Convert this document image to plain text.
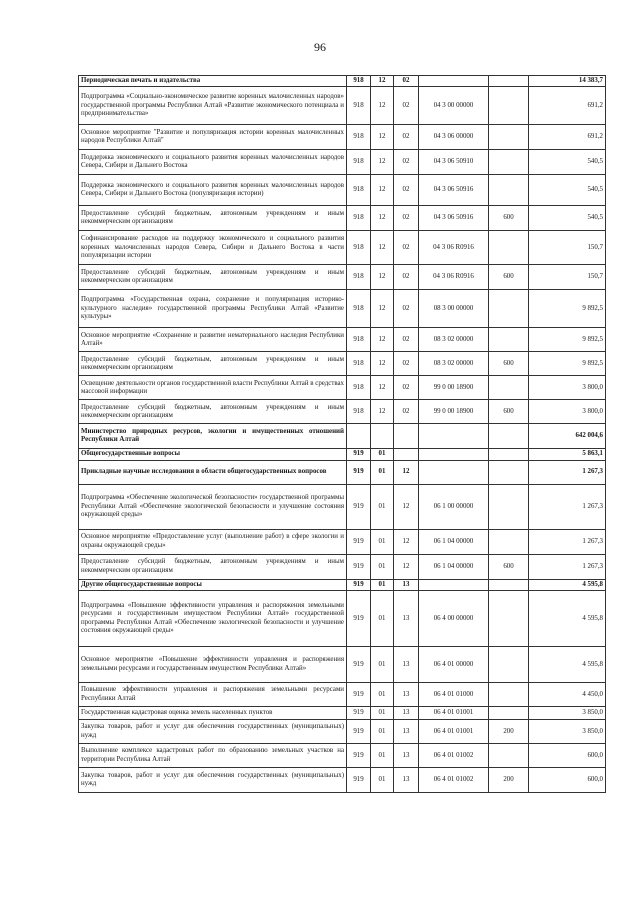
96
Периодическая печать и издательства	918	12	02			14 383,7
Подпрограмма «Социально-экономическое развитие коренных малочисленных народов» государственной программы Республики Алтай «Развитие экономического потенциала и предпринимательства»	918	12	02	04 3 00 00000		691,2
Основное мероприятие "Развитие и популяризация истории коренных малочисленных народов Республики Алтай"	918	12	02	04 3 06 00000		691,2
Поддержка экономического и социального развития коренных малочисленных народов Севера, Сибири и Дальнего Востока	918	12	02	04 3 06 50910		540,5
Поддержка экономического и социального развития коренных малочисленных народов Севера, Сибири и Дальнего Востока (популяризация истории)	918	12	02	04 3 06 50916		540,5
Предоставление субсидий бюджетным, автономным учреждениям и иным некоммерческим организациям	918	12	02	04 3 06 50916	600	540,5
Софинансирование расходов на поддержку экономического и социального развития коренных малочисленных народов Севера, Сибири и Дальнего Востока в части популяризации истории	918	12	02	04 3 06 R0916		150,7
Предоставление субсидий бюджетным, автономным учреждениям и иным некоммерческим организациям	918	12	02	04 3 06 R0916	600	150,7
Подпрограмма «Государственная охрана, сохранение и популяризация историко-культурного наследия» государственной программы Республики Алтай «Развитие культуры»	918	12	02	08 3 00 00000		9 892,5
Основное мероприятие «Сохранение и развитие нематериального наследия Республики Алтай»	918	12	02	08 3 02 00000		9 892,5
Предоставление субсидий бюджетным, автономным учреждениям и иным некоммерческим организациям	918	12	02	08 3 02 00000	600	9 892,5
Освещение деятельности органов государственной власти Республики Алтай в средствах массовой информации	918	12	02	99 0 00 18900		3 800,0
Предоставление субсидий бюджетным, автономным учреждениям и иным некоммерческим организациям	918	12	02	99 0 00 18900	600	3 800,0
Министерство природных ресурсов, экологии и имущественных отношений Республики Алтай						642 004,6
Общегосударственные вопросы	919	01				5 863,1
Прикладные научные исследования в области общегосударственных вопросов	919	01	12			1 267,3
Подпрограмма «Обеспечение экологической безопасности» государственной программы Республики Алтай «Обеспечение экологической безопасности и улучшение состояния окружающей среды»	919	01	12	06 1 00 00000		1 267,3
Основное мероприятие «Предоставление услуг (выполнение работ) в сфере экологии и охраны окружающей среды»	919	01	12	06 1 04 00000		1 267,3
Предоставление субсидий бюджетным, автономным учреждениям и иным некоммерческим организациям	919	01	12	06 1 04 00000	600	1 267,3
Другие общегосударственные вопросы	919	01	13			4 595,8
Подпрограмма «Повышение эффективности управления и распоряжения земельными ресурсами и государственным имуществом Республики Алтай» государственной программы Республики Алтай «Обеспечение экологической безопасности и улучшение состояния окружающей среды»	919	01	13	06 4 00 00000		4 595,8
Основное мероприятие «Повышение эффективности управления и распоряжения земельными ресурсами и государственным имуществом Республики Алтай»	919	01	13	06 4 01 00000		4 595,8
Повышение эффективности управления и распоряжения земельными ресурсами Республики Алтай	919	01	13	06 4 01 01000		4 450,0
Государственная кадастровая оценка земель населенных пунктов	919	01	13	06 4 01 01001		3 850,0
Закупка товаров, работ и услуг для обеспечения государственных (муниципальных) нужд	919	01	13	06 4 01 01001	200	3 850,0
Выполнение комплексе кадастровых работ по образованию земельных участков на территории Республика Алтай	919	01	13	06 4 01 01002		600,0
Закупка товаров, работ и услуг для обеспечения государственных (муниципальных) нужд	919	01	13	06 4 01 01002	200	600,0
